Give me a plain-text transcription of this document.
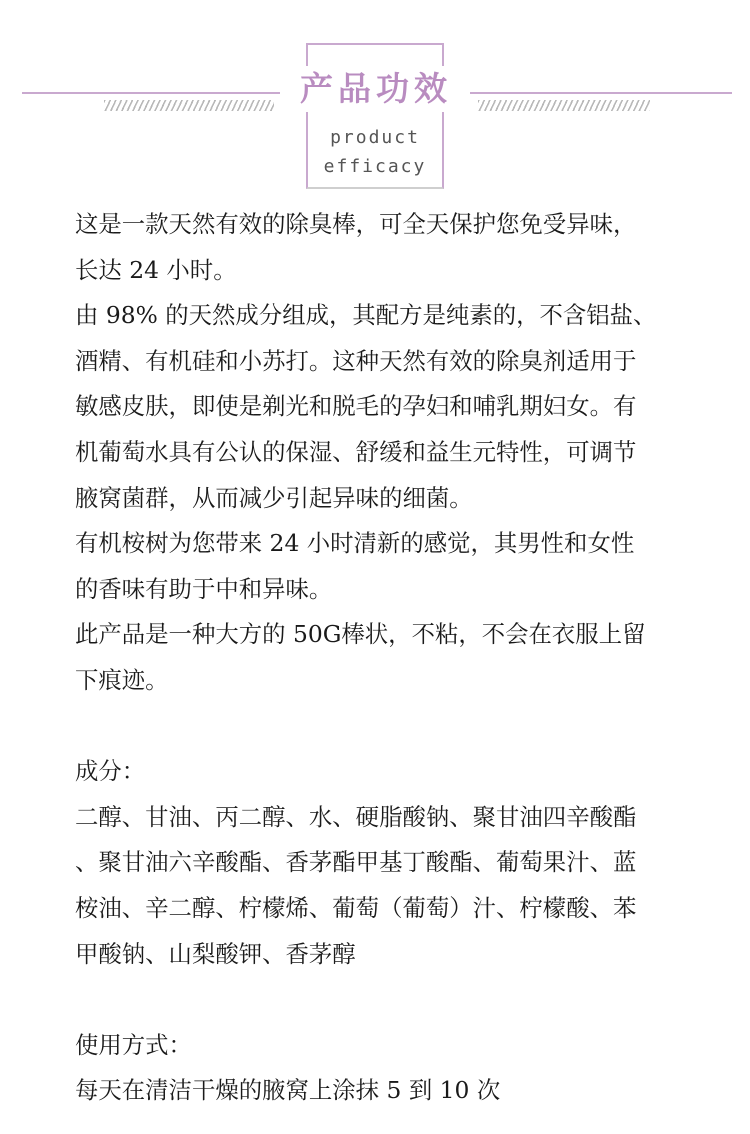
产品功效
product
efficacy

这是一款天然有效的除臭棒，可全天保护您免受异味，

长达 24 小时。

由 98% 的天然成分组成，其配方是纯素的，不含铝盐、

酒精、有机硅和小苏打。这种天然有效的除臭剂适用于

敏感皮肤，即使是剃光和脱毛的孕妇和哺乳期妇女。有

机葡萄水具有公认的保湿、舒缓和益生元特性，可调节

腋窝菌群，从而减少引起异味的细菌。

有机桉树为您带来 24 小时清新的感觉，其男性和女性

的香味有助于中和异味。

此产品是一种大方的 50G棒状，不粘，不会在衣服上留

下痕迹。

成分：

二醇、甘油、丙二醇、水、硬脂酸钠、聚甘油四辛酸酯

、聚甘油六辛酸酯、香茅酯甲基丁酸酯、葡萄果汁、蓝

桉油、辛二醇、柠檬烯、葡萄（葡萄）汁、柠檬酸、苯

甲酸钠、山梨酸钾、香茅醇

使用方式：

每天在清洁干燥的腋窝上涂抹 5 到 10 次
